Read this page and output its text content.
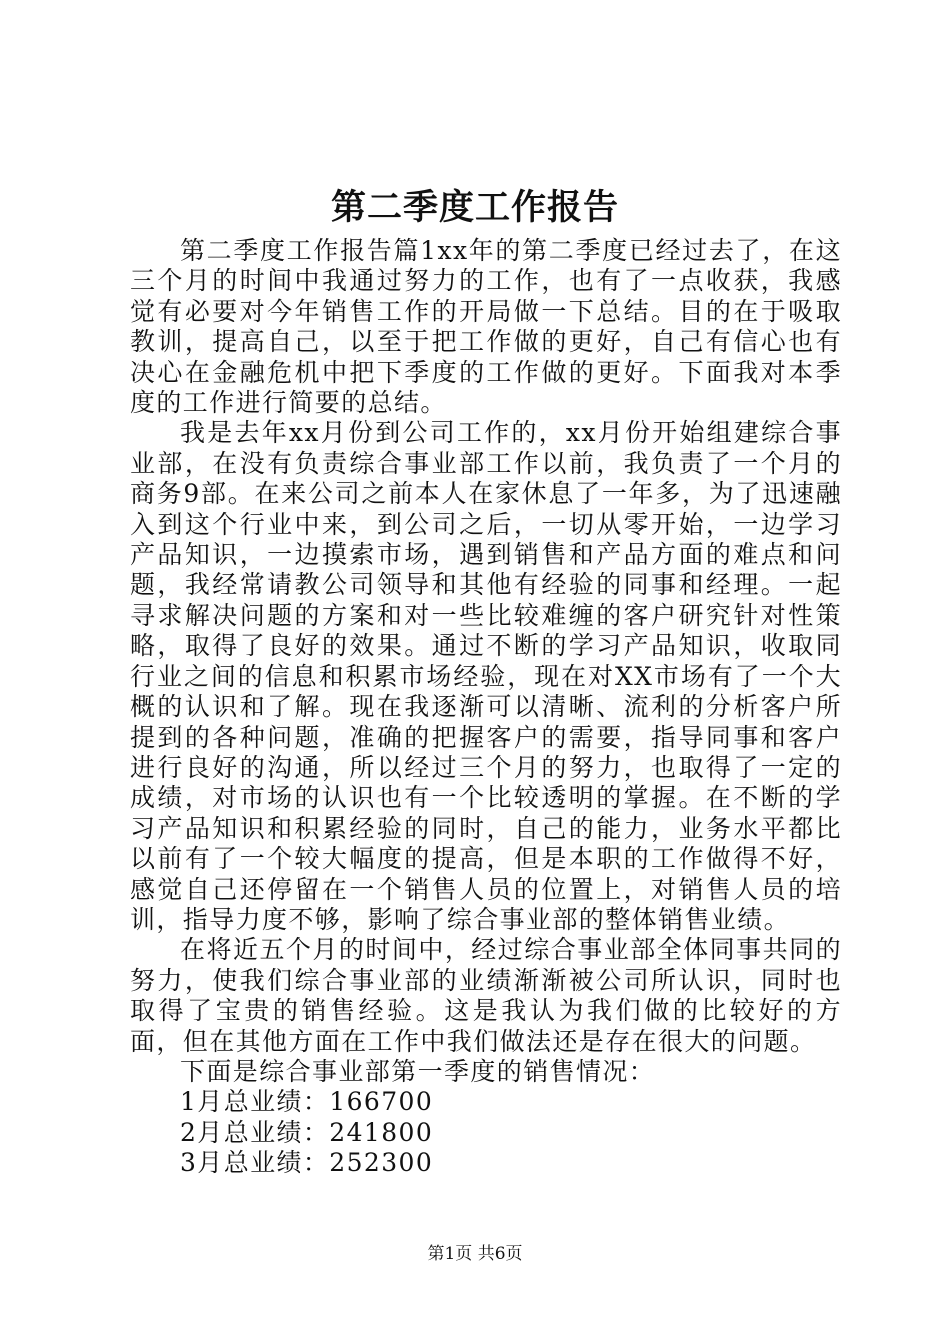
第二季度工作报告

第二季度工作报告篇1xx年的第二季度已经过去了，在这三个月的时间中我通过努力的工作，也有了一点收获，我感觉有必要对今年销售工作的开局做一下总结。目的在于吸取教训，提高自己，以至于把工作做的更好，自己有信心也有决心在金融危机中把下季度的工作做的更好。下面我对本季度的工作进行简要的总结。

我是去年xx月份到公司工作的，xx月份开始组建综合事业部，在没有负责综合事业部工作以前，我负责了一个月的商务9部。在来公司之前本人在家休息了一年多，为了迅速融入到这个行业中来，到公司之后，一切从零开始，一边学习产品知识，一边摸索市场，遇到销售和产品方面的难点和问题，我经常请教公司领导和其他有经验的同事和经理。一起寻求解决问题的方案和对一些比较难缠的客户研究针对性策略，取得了良好的效果。通过不断的学习产品知识，收取同行业之间的信息和积累市场经验，现在对XX市场有了一个大概的认识和了解。现在我逐渐可以清晰、流利的分析客户所提到的各种问题，准确的把握客户的需要，指导同事和客户进行良好的沟通，所以经过三个月的努力，也取得了一定的成绩，对市场的认识也有一个比较透明的掌握。在不断的学习产品知识和积累经验的同时，自己的能力，业务水平都比以前有了一个较大幅度的提高，但是本职的工作做得不好，感觉自己还停留在一个销售人员的位置上，对销售人员的培训，指导力度不够，影响了综合事业部的整体销售业绩。

在将近五个月的时间中，经过综合事业部全体同事共同的努力，使我们综合事业部的业绩渐渐被公司所认识，同时也取得了宝贵的销售经验。这是我认为我们做的比较好的方面，但在其他方面在工作中我们做法还是存在很大的问题。

下面是综合事业部第一季度的销售情况：

1月总业绩：166700

2月总业绩：241800

3月总业绩：252300

第1页 共6页
